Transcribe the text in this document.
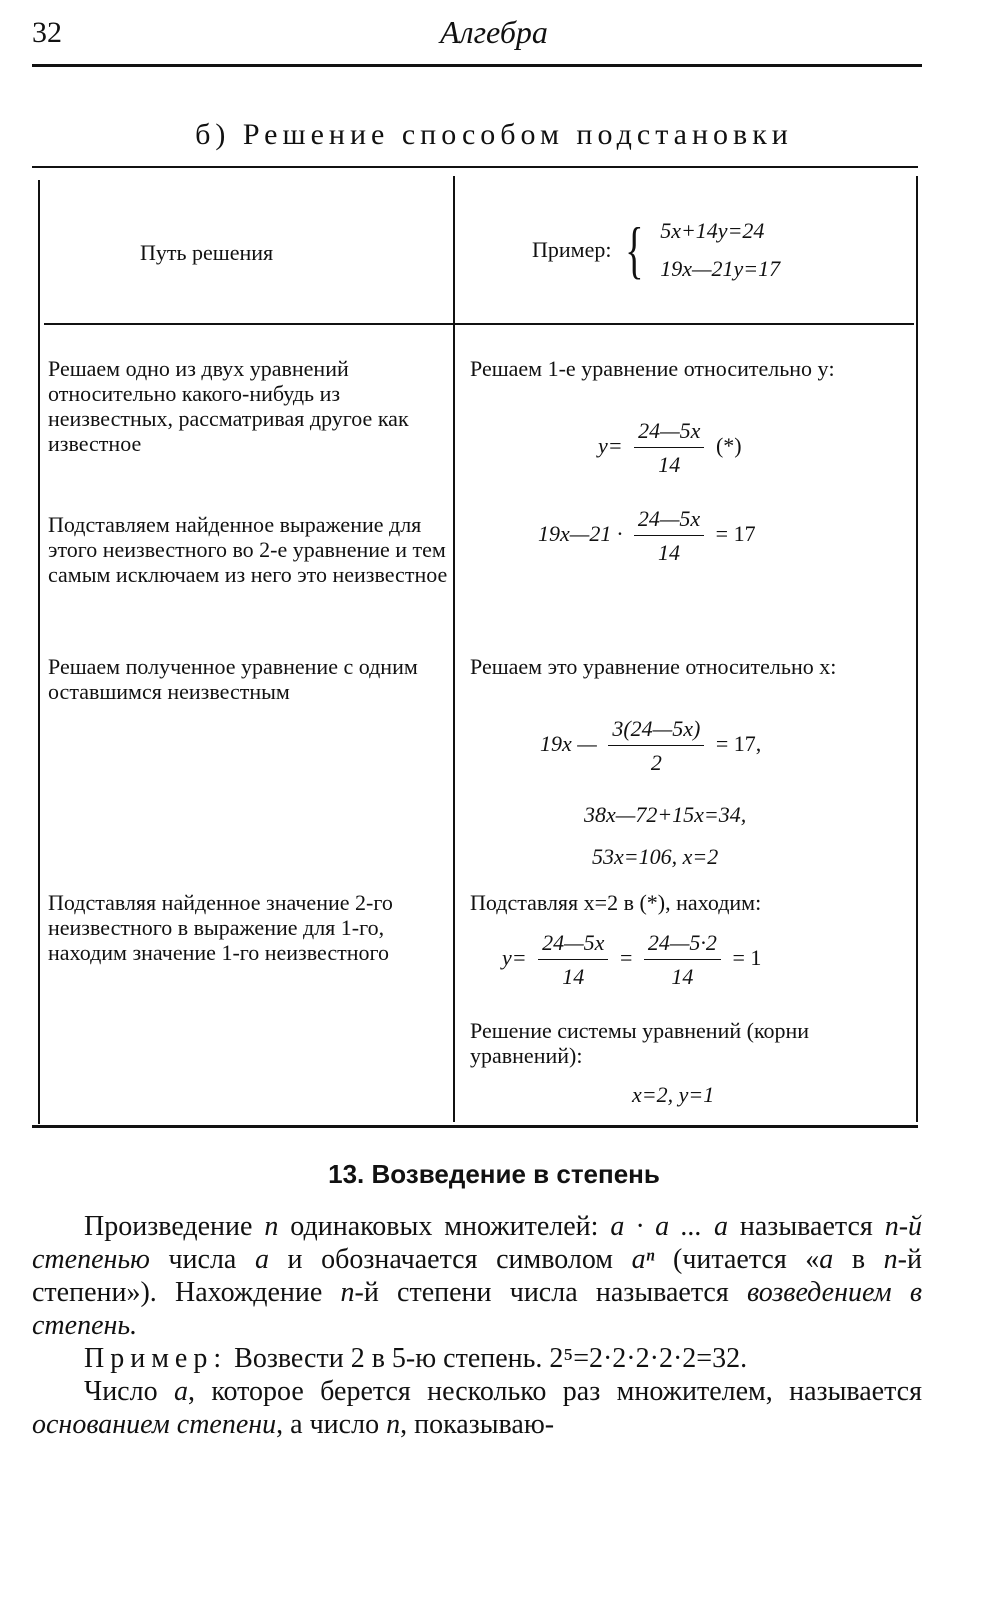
32	Алгебра
б) Решение способом подстановки
Путь решения	Пример: { 5x+14y=24
19x—21y=17
Решаем одно из двух уравнений относительно какого-нибудь из неизвестных, рассматривая другое как известное
Подставляем найденное выражение для этого неизвестного во 2-е уравнение и тем самым исключаем из него это неизвестное
Решаем полученное уравнение с одним оставшимся неизвестным
Подставляя найденное значение 2-го неизвестного в выражение для 1-го, находим значение 1-го неизвестного
Решаем 1-е уравнение относительно y:
$y= \frac{24—5x}{14}$ (*)
19x—21 · $\frac{24—5x}{14} = 17$
Решаем это уравнение относительно x:
19x — $\frac{3(24—5x)}{2} = 17$,
38x—72+15x=34,
53x=106, x=2
Подставляя x=2 в (*), находим:
$y= \frac{24—5x}{14} = \frac{24—5\cdot 2}{14} = 1$
Решение системы уравнений (корни уравнений):
x=2, y=1
13. Возведение в степень

Произведение n одинаковых множителей: a · a ... a называется n-й степенью числа a и обозначается символом aⁿ (читается «a в n-й степени»). Нахождение n-й степени числа называется возведением в степень.

Пример: Возвести 2 в 5-ю степень. 2⁵=2·2·2·2·2=32.

Число a, которое берется несколько раз множителем, называется основанием степени, а число n, показываю-
